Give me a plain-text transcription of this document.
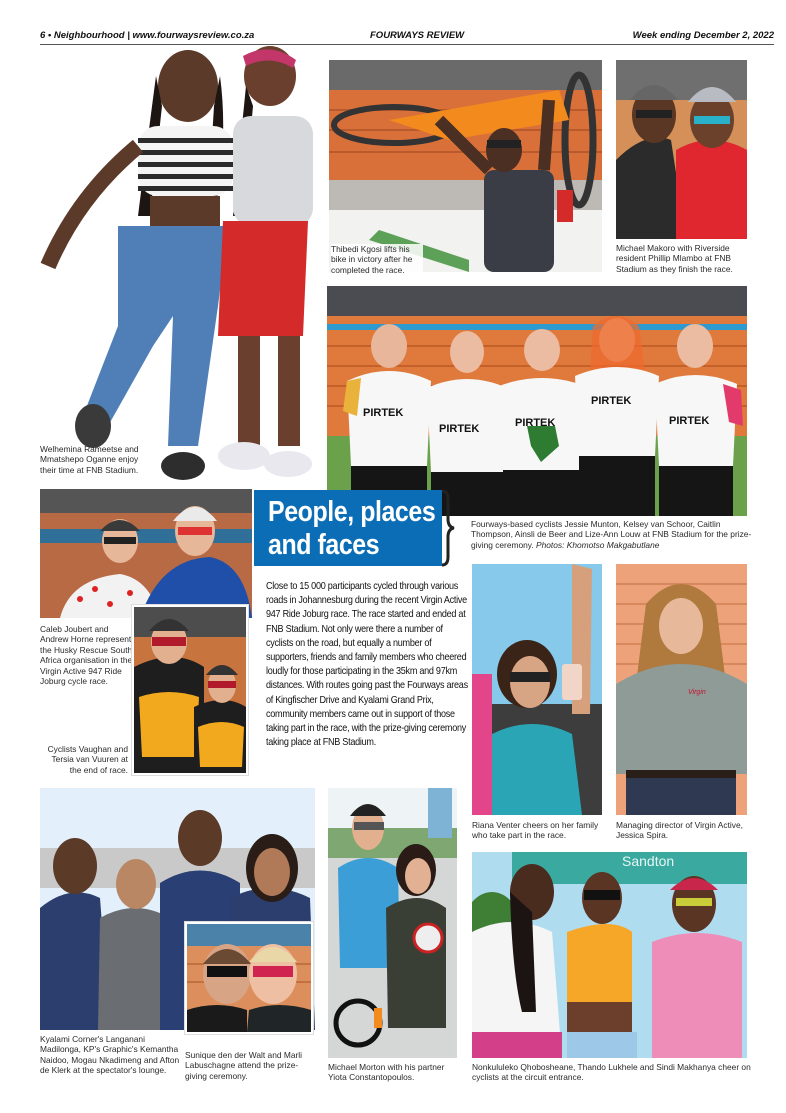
6 • Neighbourhood | www.fourwaysreview.co.za	FOURWAYS REVIEW	Week ending December 2, 2022
Welhemina Rameetse and Mmatshepo Oganne enjoy their time at FNB Stadium.
Thibedi Kgosi lifts his bike in victory after he completed the race.
Michael Makoro with Riverside resident Phillip Mlambo at FNB Stadium as they finish the race.
PIRTEK
PIRTEK	PIRTEK
PIRTEK
PIRTEK
Caleb Joubert and Andrew Horne represent the Husky Rescue South Africa organisation in the Virgin Active 947 Ride Joburg cycle race.
Cyclists Vaughan and Tersia van Vuuren at the end of race.
People, places
and faces
Fourways-based cyclists Jessie Munton, Kelsey van Schoor, Caitlin Thompson, Ainsli de Beer and Lize-Ann Louw at FNB Stadium for the prize-giving ceremony. Photos: Khomotso Makgabutlane
Close to 15 000 participants cycled through various roads in Johannesburg during the recent Virgin Active 947 Ride Joburg race. The race started and ended at FNB Stadium. Not only were there a number of cyclists on the road, but equally a number of supporters, friends and family members who cheered loudly for those participating in the 35km and 97km distances. With routes going past the Fourways areas of Kingfischer Drive and Kyalami Grand Prix, community members came out in support of those taking part in the race, with the prize-giving ceremony taking place at FNB Stadium.
Riana Venter cheers on her family who take part in the race.
Virgin
Managing director of Virgin Active, Jessica Spira.
Kyalami Corner's Langanani Madilonga, KP's Graphic's Kemantha Naidoo, Mogau Nkadimeng and Afton de Klerk at the spectator's lounge.
Sunique den der Walt and Marli Labuschagne attend the prize-giving ceremony.
Michael Morton with his partner Yiota Constantopoulos.
Sandton
Nonkululeko Qhobosheane, Thando Lukhele and Sindi Makhanya cheer on cyclists at the circuit entrance.
